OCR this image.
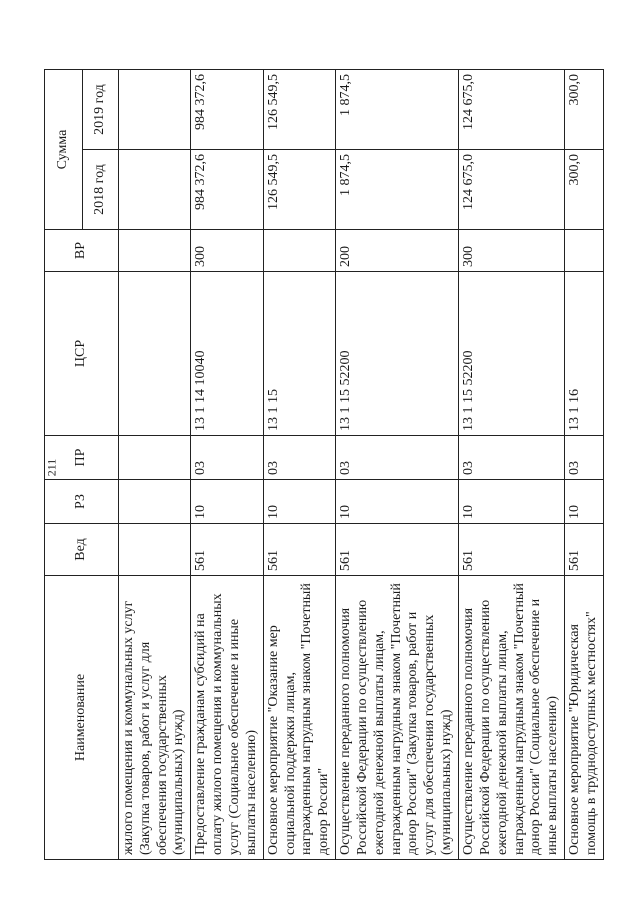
211
Наименование	Вед	РЗ	ПР	ЦСР	ВР	Сумма	
						2018 год	2019 год
жилого помещения и коммунальных услуг (Закупка товаров, работ и услуг для обеспечения государственных (муниципальных) нужд)							
Предоставление гражданам субсидий на оплату жилого помещения и коммунальных услуг (Социальное обеспечение и иные выплаты населению)	561	10	03	13 1 14 10040	300	984 372,6	984 372,6
Основное мероприятие "Оказание мер социальной поддержки лицам, награжденным нагрудным знаком "Почетный донор России"	561	10	03	13 1 15		126 549,5	126 549,5
Осуществление переданного полномочия Российской Федерации по осуществлению ежегодной денежной выплаты лицам, награжденным нагрудным знаком "Почетный донор России" (Закупка товаров, работ и услуг для обеспечения государственных (муниципальных) нужд)	561	10	03	13 1 15 52200	200	1 874,5	1 874,5
Осуществление переданного полномочия Российской Федерации по осуществлению ежегодной денежной выплаты лицам, награжденным нагрудным знаком "Почетный донор России" (Социальное обеспечение и иные выплаты населению)	561	10	03	13 1 15 52200	300	124 675,0	124 675,0
Основное мероприятие "Юридическая помощь в труднодоступных местностях"	561	10	03	13 1 16		300,0	300,0
